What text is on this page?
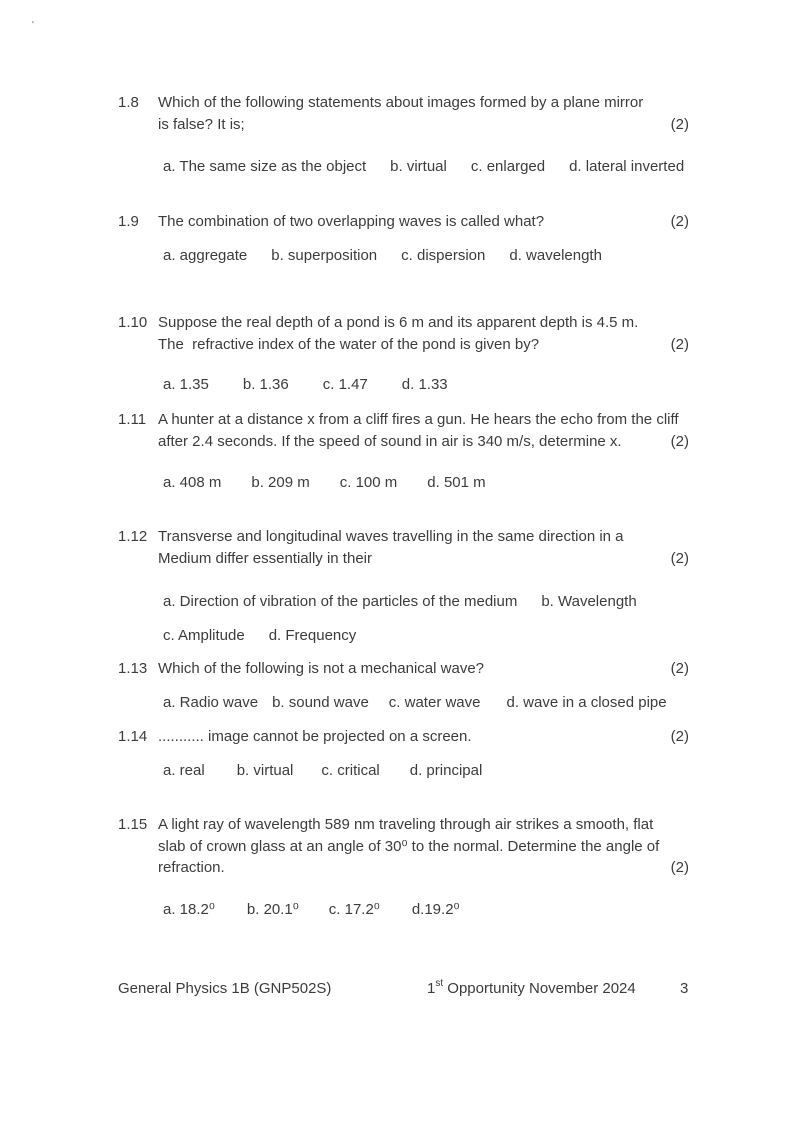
'
1.8 Which of the following statements about images formed by a plane mirror
is false? It is;	(2)
a. The same size as the object b. virtual c. enlarged d. lateral inverted
1.9 The combination of two overlapping waves is called what?	(2)
a. aggregate b. superposition c. dispersion d. wavelength
1.10 Suppose the real depth of a pond is 6 m and its apparent depth is 4.5 m.
The  refractive index of the water of the pond is given by?	(2)
a. 1.35 b. 1.36 c. 1.47 d. 1.33
1.11 A hunter at a distance x from a cliff fires a gun. He hears the echo from the cliff
after 2.4 seconds. If the speed of sound in air is 340 m/s, determine x.	(2)
a. 408 m b. 209 m c. 100 m d. 501 m
1.12 Transverse and longitudinal waves travelling in the same direction in a
Medium differ essentially in their	(2)
a. Direction of vibration of the particles of the medium b. Wavelength
c. Amplitude d. Frequency
1.13 Which of the following is not a mechanical wave?	(2)
a. Radio wave b. sound wave c. water wave d. wave in a closed pipe
1.14 ........... image cannot be projected on a screen.	(2)
a. real b. virtual c. critical d. principal
1.15 A light ray of wavelength 589 nm traveling through air strikes a smooth, flat
slab of crown glass at an angle of 30⁰ to the normal. Determine the angle of
refraction.	(2)
a. 18.2⁰ b. 20.1⁰ c. 17.2⁰ d.19.2⁰
General Physics 1B (GNP502S)	1st Opportunity November 2024	3
